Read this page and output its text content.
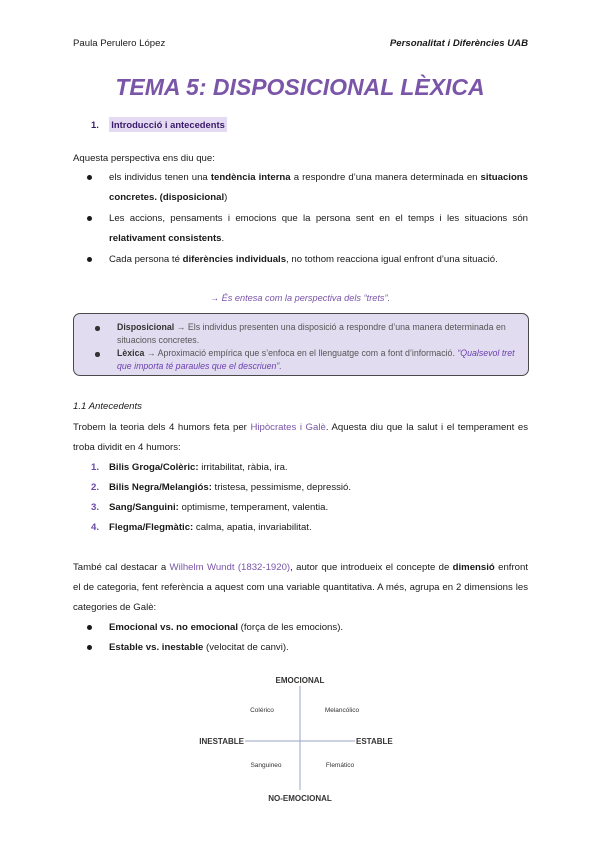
Paula Perulero López	Personalitat i Diferències UAB
TEMA 5: DISPOSICIONAL LÈXICA
1. Introducció i antecedents
Aquesta perspectiva ens diu que:
els individus tenen una tendència interna a respondre d’una manera determinada en situacions concretes. (disposicional)
Les accions, pensaments i emocions que la persona sent en el temps i les situacions són relativament consistents.
Cada persona té diferències individuals, no tothom reacciona igual enfront d’una situació.
→ És entesa com la perspectiva dels “trets”.
Disposicional → Els individus presenten una disposició a respondre d’una manera determinada en situacions concretes.
Lèxica → Aproximació empírica que s’enfoca en el llenguatge com a font d’informació. “Qualsevol tret que importa té paraules que el descriuen”.
1.1 Antecedents
Trobem la teoria dels 4 humors feta per Hipòcrates i Galè. Aquesta diu que la salut i el temperament es troba dividit en 4 humors:
1. Bilis Groga/Colèric: irritabilitat, ràbia, ira.
2. Bilis Negra/Melangiós: tristesa, pessimisme, depressió.
3. Sang/Sanguini: optimisme, temperament, valentia.
4. Flegma/Flegmàtic: calma, apatia, invariabilitat.
També cal destacar a Wilhelm Wundt (1832-1920), autor que introdueix el concepte de dimensió enfront el de categoria, fent referència a aquest com una variable quantitativa. A més, agrupa en 2 dimensions les categories de Galè:
Emocional vs. no emocional (força de les emocions).
Estable vs. inestable (velocitat de canvi).
EMOCIONAL
NO-EMOCIONAL
INESTABLE	ESTABLE
Colérico	Melancólico
Sanguineo	Flemático
